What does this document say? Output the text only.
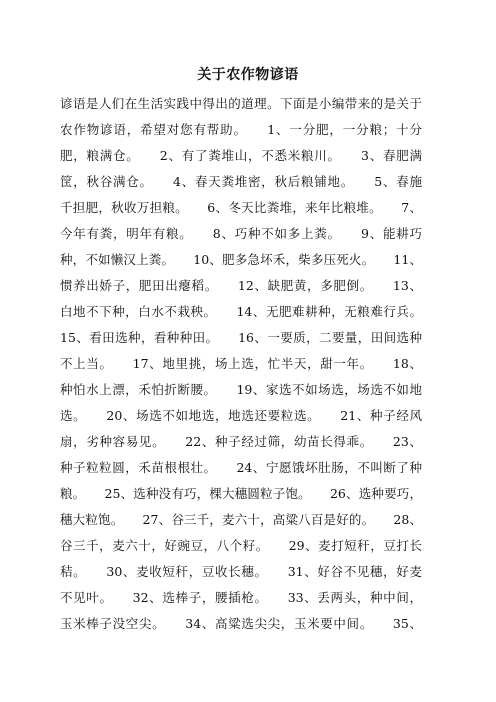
关于农作物谚语
谚语是人们在生活实践中得出的道理。下面是小编带来的是关于
农作物谚语，希望对您有帮助。　　1、一分肥，一分粮；十分
肥，粮满仓。　　2、有了粪堆山，不悉米粮川。　　3、春肥满
筐，秋谷满仓。　　4、春天粪堆密，秋后粮铺地。　　5、春施
千担肥，秋收万担粮。　　6、冬天比粪堆，来年比粮堆。　　7、
今年有粪，明年有粮。　　8、巧种不如多上粪。　　9、能耕巧
种，不如懒汉上粪。　　10、肥多急坏禾，柴多压死火。　　11、
惯养出娇子，肥田出瘪稻。　　12、缺肥黄，多肥倒。　　13、
白地不下种，白水不栽秧。　　14、无肥难耕种，无粮难行兵。
15、看田选种，看种种田。　　16、一要质，二要量，田间选种
不上当。　　17、地里挑，场上选，忙半天，甜一年。　　18、
种怕水上漂，禾怕折断腰。　　19、家选不如场选，场选不如地
选。　　20、场选不如地选，地选还要粒选。　　21、种子经风
扇，劣种容易见。　　22、种子经过筛，幼苗长得乖。　　23、
种子粒粒圆，禾苗根根壮。　　24、宁愿饿坏肚肠，不叫断了种
粮。　　25、选种没有巧，棵大穗圆粒子饱。　　26、选种要巧，
穗大粒饱。　　27、谷三千，麦六十，高粱八百是好的。　　28、
谷三千，麦六十，好豌豆，八个籽。　　29、麦打短秆，豆打长
秸。　　30、麦收短秆，豆收长穗。　　31、好谷不见穗，好麦
不见叶。　　32、选棒子，腰插枪。　　33、丢两头，种中间，
玉米棒子没空尖。　　34、高粱选尖尖，玉米要中间。　　35、
